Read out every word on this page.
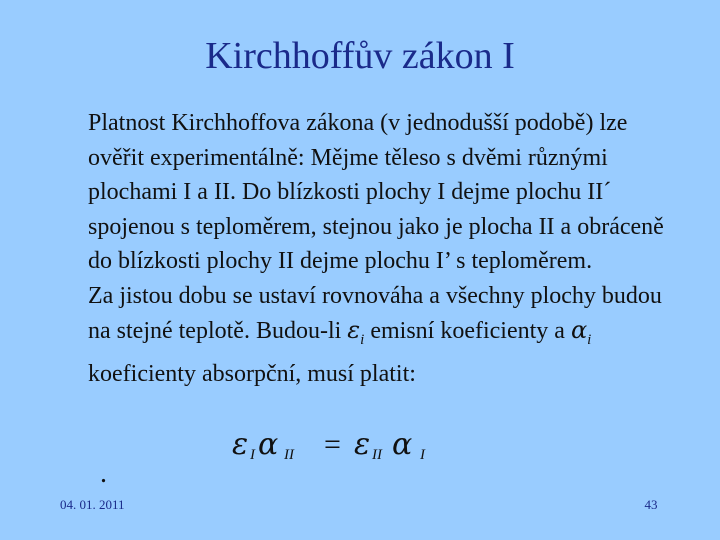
Kirchhoffův zákon I

Platnost Kirchhoffova zákona (v jednodušší podobě) lze ověřit experimentálně: Mějme těleso s dvěmi různými plochami I a II. Do blízkosti plochy I dejme plochu II´ spojenou s teploměrem, stejnou jako je plocha II a obráceně do blízkosti plochy II dejme plochu I’ s teploměrem.

Za jistou dobu se ustaví rovnováha a všechny plochy budou na stejné teplotě. Budou-li $\varepsilon_i$ emisní koeficienty a $\alpha_i$ koeficienty absorpční, musí platit:

ε I α II = ε II α I
.
04. 01. 2011	43
